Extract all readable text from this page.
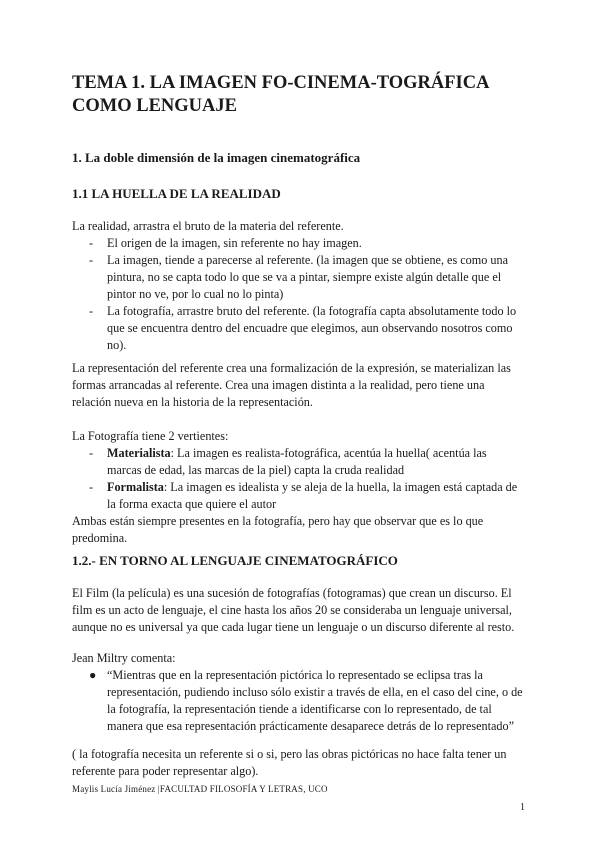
TEMA 1. LA IMAGEN FO-CINEMA-TOGRÁFICA COMO LENGUAJE
1. La doble dimensión de la imagen cinematográfica
1.1 LA HUELLA DE LA REALIDAD

La realidad, arrastra el bruto de la materia del referente.

- El origen de la imagen, sin referente no hay imagen.
- La imagen, tiende a parecerse al referente. (la imagen que se obtiene, es como una pintura, no se capta todo lo que se va a pintar, siempre existe algún detalle que el pintor no ve, por lo cual no lo pinta)
- La fotografía, arrastre bruto del referente. (la fotografía capta absolutamente todo lo que se encuentra dentro del encuadre que elegimos, aun observando nosotros como no).

La representación del referente crea una formalización de la expresión, se materializan las formas arrancadas al referente. Crea una imagen distinta a la realidad, pero tiene una relación nueva en la historia de la representación.

La Fotografía tiene 2 vertientes:

- Materialista: La imagen es realista-fotográfica, acentúa la huella( acentúa las marcas de edad, las marcas de la piel) capta la cruda realidad
- Formalista: La imagen es idealista y se aleja de la huella, la imagen está captada de la forma exacta que quiere el autor

Ambas están siempre presentes en la fotografía, pero hay que observar que es lo que predomina.

1.2.- EN TORNO AL LENGUAJE CINEMATOGRÁFICO

El Film (la película) es una sucesión de fotografías (fotogramas) que crean un discurso. El film es un acto de lenguaje, el cine hasta los años 20 se consideraba un lenguaje universal, aunque no es universal ya que cada lugar tiene un lenguaje o un discurso diferente al resto.

Jean Miltry comenta:

● “Mientras que en la representación pictórica lo representado se eclipsa tras la representación, pudiendo incluso sólo existir a través de ella, en el caso del cine, o de la fotografía, la representación tiende a identificarse con lo representado, de tal manera que esa representación prácticamente desaparece detrás de lo representado”

( la fotografía necesita un referente si o si, pero las obras pictóricas no hace falta tener un referente para poder representar algo).

Maylis Lucía Jiménez |FACULTAD FILOSOFÍA Y LETRAS, UCO
1
